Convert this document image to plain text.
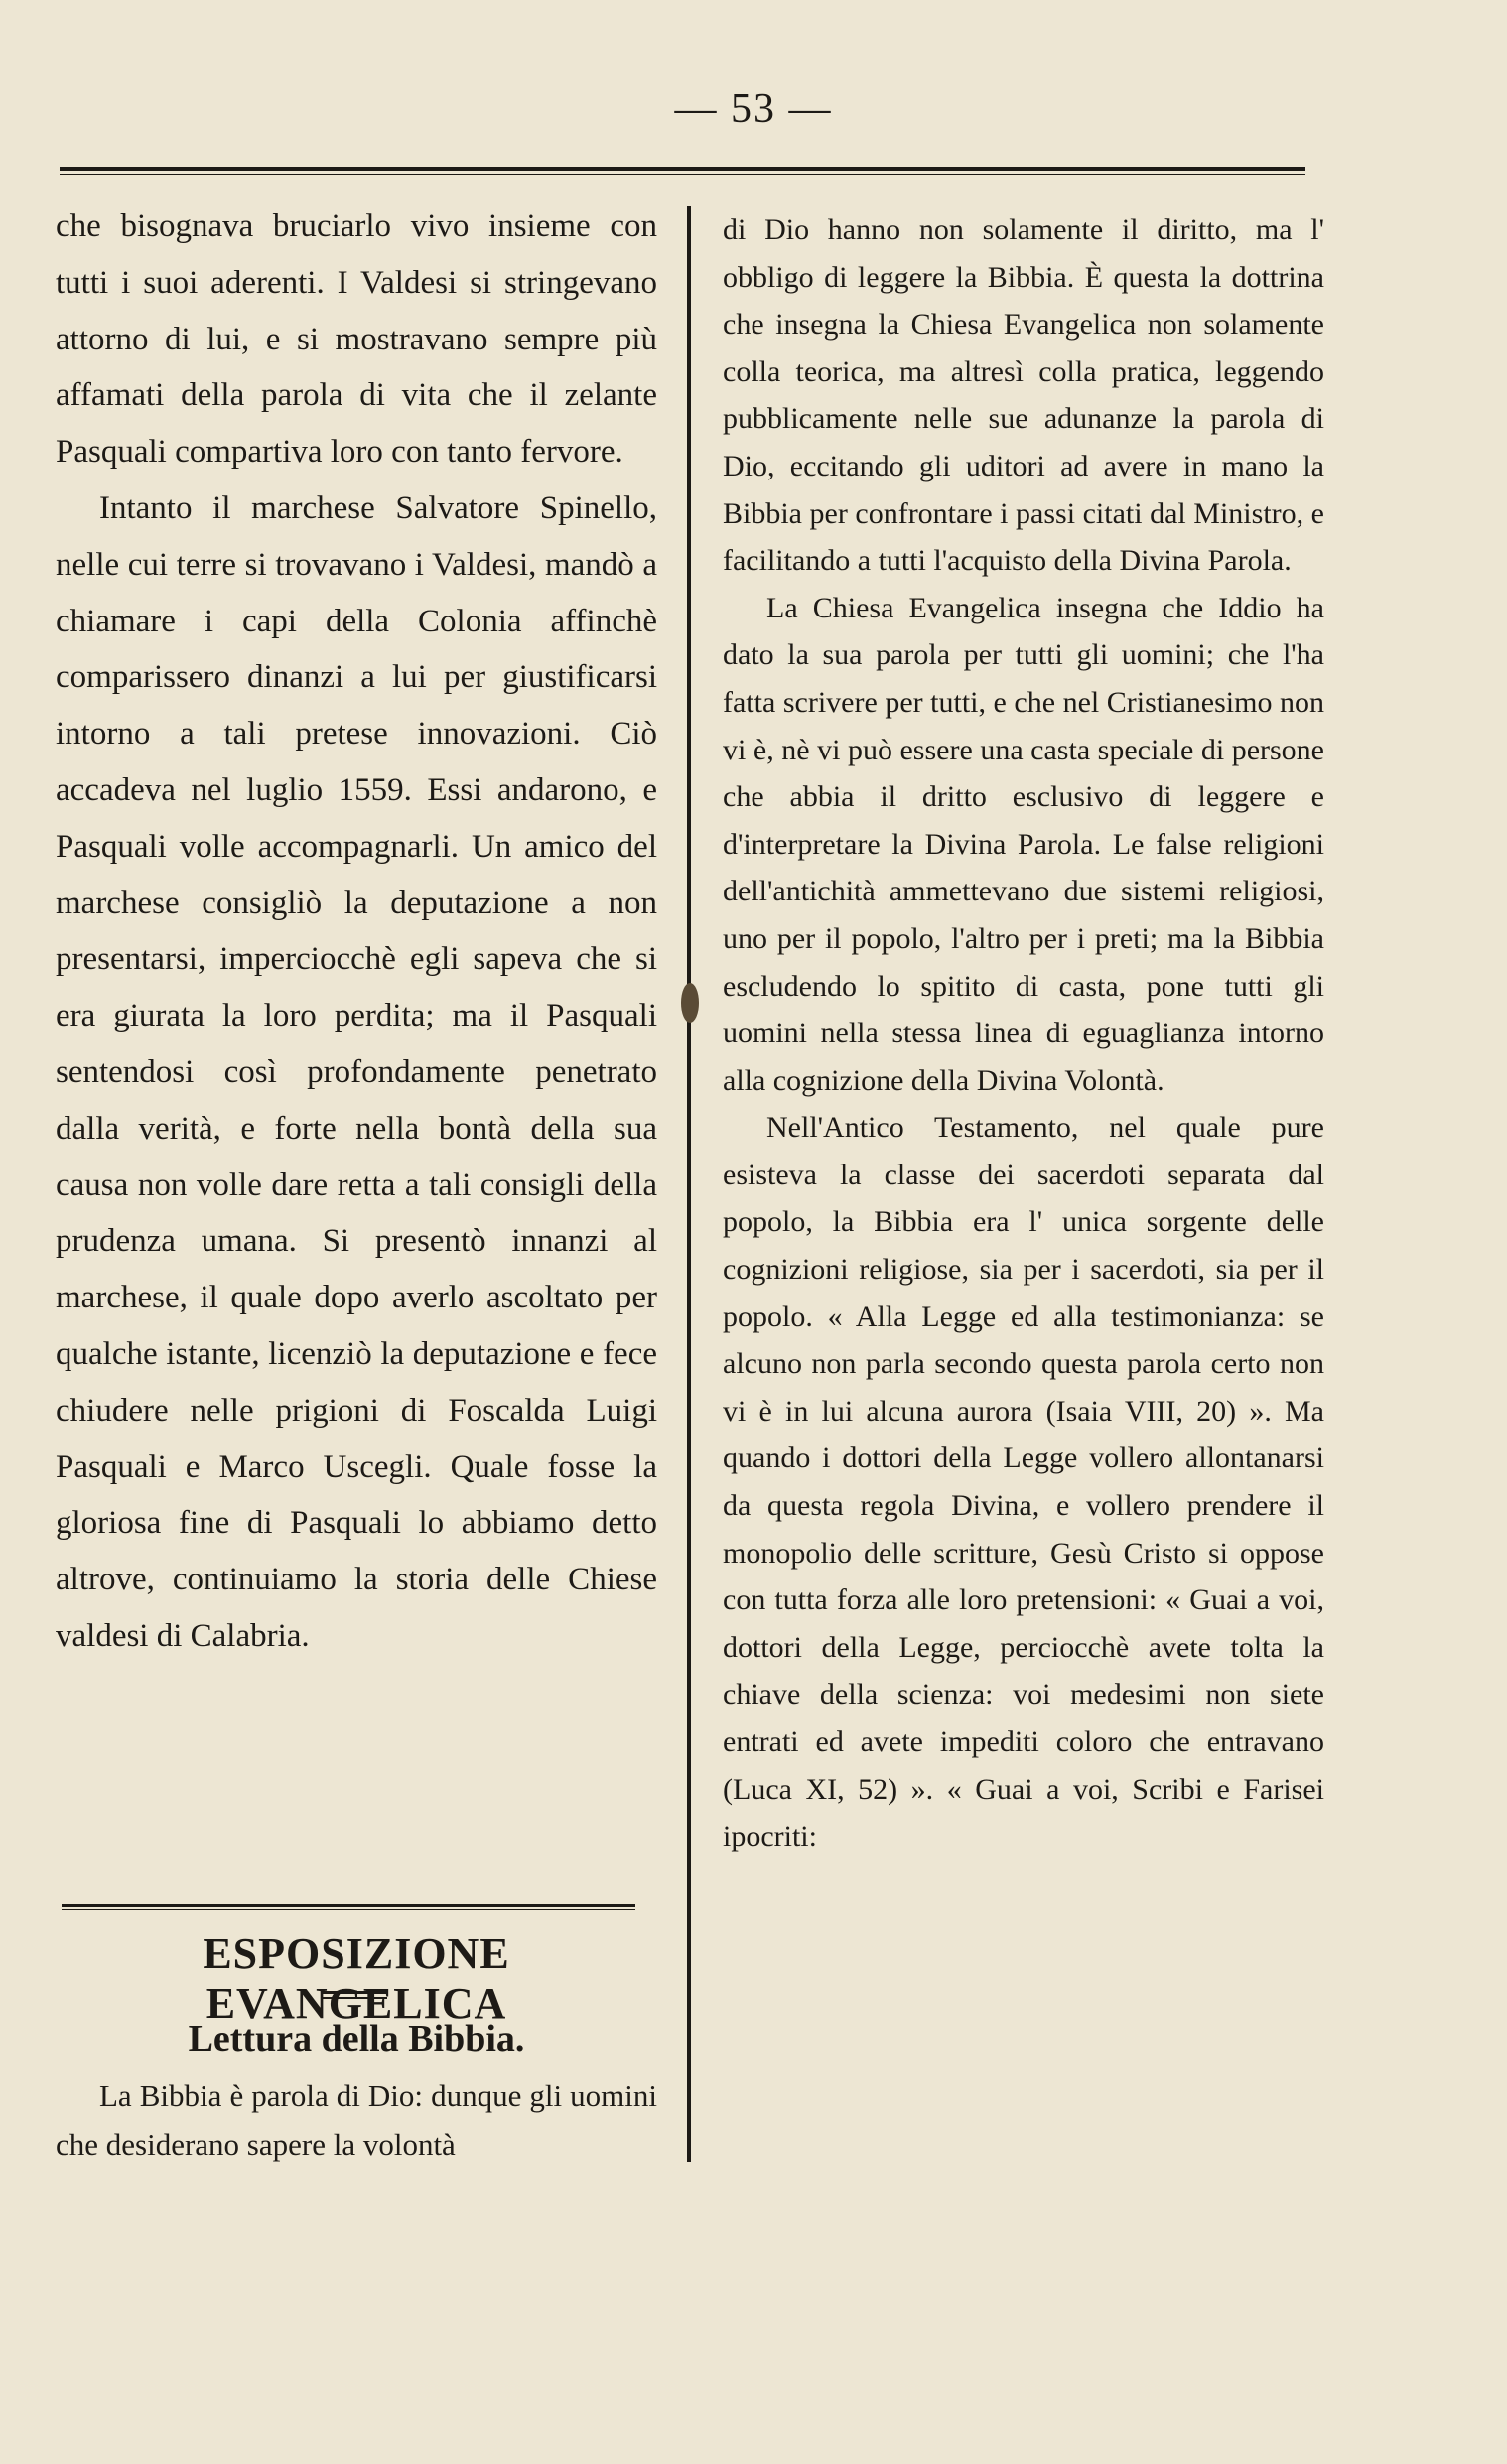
— 53 —

che bisognava bruciarlo vivo insieme con tutti i suoi aderenti. I Valdesi si stringevano attorno di lui, e si mostravano sempre più affamati della parola di vita che il zelante Pasquali compartiva loro con tanto fervore.

Intanto il marchese Salvatore Spinello, nelle cui terre si trovavano i Valdesi, mandò a chiamare i capi della Colonia affinchè comparissero dinanzi a lui per giustificarsi intorno a tali pretese innovazioni. Ciò accadeva nel luglio 1559. Essi andarono, e Pasquali volle accompagnarli. Un amico del marchese consigliò la deputazione a non presentarsi, imperciocchè egli sapeva che si era giurata la loro perdita; ma il Pasquali sentendosi così profondamente penetrato dalla verità, e forte nella bontà della sua causa non volle dare retta a tali consigli della prudenza umana. Si presentò innanzi al marchese, il quale dopo averlo ascoltato per qualche istante, licenziò la deputazione e fece chiudere nelle prigioni di Foscalda Luigi Pasquali e Marco Uscegli. Quale fosse la gloriosa fine di Pasquali lo abbiamo detto altrove, continuiamo la storia delle Chiese valdesi di Calabria.

ESPOSIZIONE EVANGELICA
Lettura della Bibbia.

La Bibbia è parola di Dio: dunque gli uomini che desiderano sapere la volontà

di Dio hanno non solamente il diritto, ma l' obbligo di leggere la Bibbia. È questa la dottrina che insegna la Chiesa Evangelica non solamente colla teorica, ma altresì colla pratica, leggendo pubblicamente nelle sue adunanze la parola di Dio, eccitando gli uditori ad avere in mano la Bibbia per confrontare i passi citati dal Ministro, e facilitando a tutti l'acquisto della Divina Parola.

La Chiesa Evangelica insegna che Iddio ha dato la sua parola per tutti gli uomini; che l'ha fatta scrivere per tutti, e che nel Cristianesimo non vi è, nè vi può essere una casta speciale di persone che abbia il dritto esclusivo di leggere e d'interpretare la Divina Parola. Le false religioni dell'antichità ammettevano due sistemi religiosi, uno per il popolo, l'altro per i preti; ma la Bibbia escludendo lo spitito di casta, pone tutti gli uomini nella stessa linea di eguaglianza intorno alla cognizione della Divina Volontà.

Nell'Antico Testamento, nel quale pure esisteva la classe dei sacerdoti separata dal popolo, la Bibbia era l' unica sorgente delle cognizioni religiose, sia per i sacerdoti, sia per il popolo. « Alla Legge ed alla testimonianza: se alcuno non parla secondo questa parola certo non vi è in lui alcuna aurora (Isaia VIII, 20) ». Ma quando i dottori della Legge vollero allontanarsi da questa regola Divina, e vollero prendere il monopolio delle scritture, Gesù Cristo si oppose con tutta forza alle loro pretensioni: « Guai a voi, dottori della Legge, perciocchè avete tolta la chiave della scienza: voi medesimi non siete entrati ed avete impediti coloro che entravano (Luca XI, 52) ». « Guai a voi, Scribi e Farisei ipocriti:
